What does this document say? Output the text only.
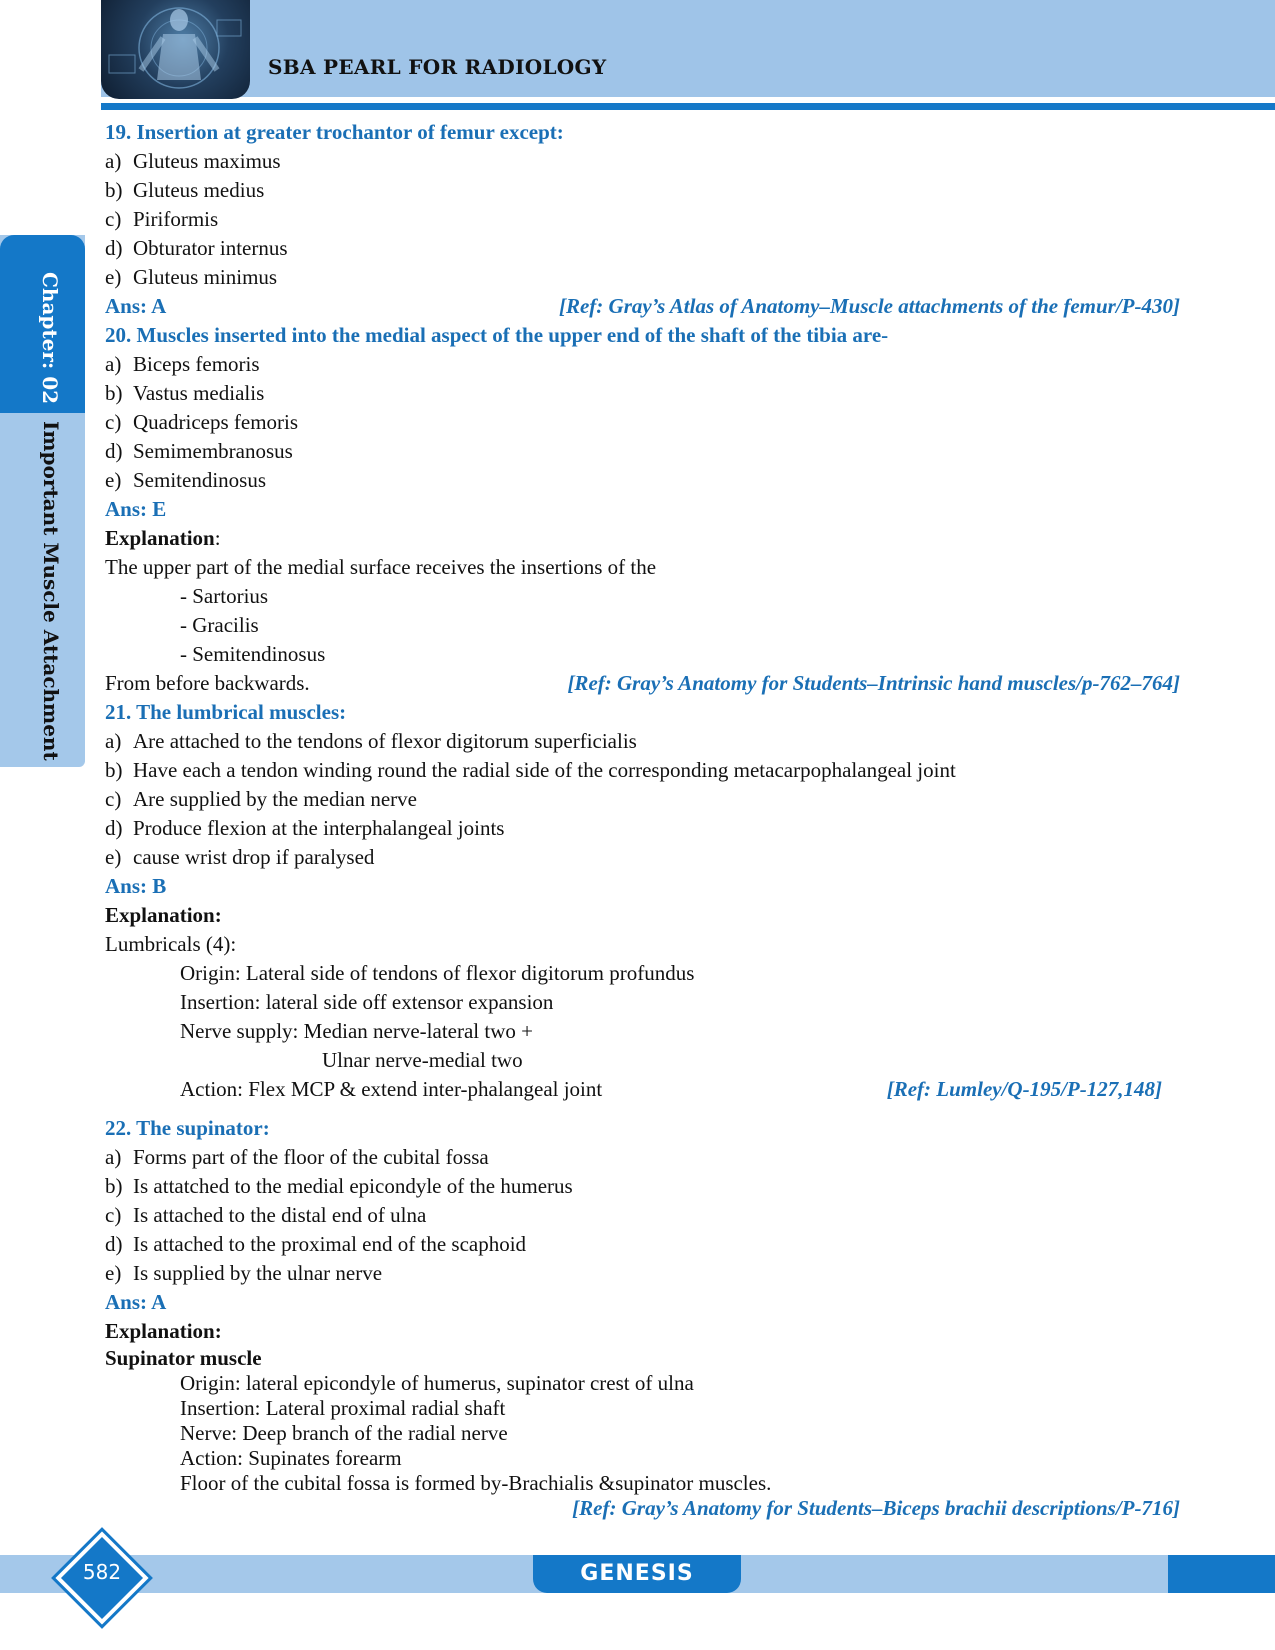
SBA PEARL FOR RADIOLOGY
Chapter: 02
Important Muscle Attachment
19. Insertion at greater trochantor of femur except:
a) Gluteus maximus
b) Gluteus medius
c) Piriformis
d) Obturator internus
e) Gluteus minimus
Ans: A	[Ref: Gray’s Atlas of Anatomy–Muscle attachments of the femur/P-430]
20. Muscles inserted into the medial aspect of the upper end of the shaft of the tibia are-
a) Biceps femoris
b) Vastus medialis
c) Quadriceps femoris
d) Semimembranosus
e) Semitendinosus
Ans: E
Explanation:
The upper part of the medial surface receives the insertions of the
- Sartorius
- Gracilis
- Semitendinosus
From before backwards.	[Ref: Gray’s Anatomy for Students–Intrinsic hand muscles/p-762–764]
21. The lumbrical muscles:
a) Are attached to the tendons of flexor digitorum superficialis
b) Have each a tendon winding round the radial side of the corresponding metacarpophalangeal joint
c) Are supplied by the median nerve
d) Produce flexion at the interphalangeal joints
e) cause wrist drop if paralysed
Ans: B
Explanation:
Lumbricals (4):
Origin: Lateral side of tendons of flexor digitorum profundus
Insertion: lateral side off extensor expansion
Nerve supply: Median nerve-lateral two +
Ulnar nerve-medial two
Action: Flex MCP & extend inter-phalangeal joint	[Ref: Lumley/Q-195/P-127,148]
22. The supinator:
a) Forms part of the floor of the cubital fossa
b) Is attatched to the medial epicondyle of the humerus
c) Is attached to the distal end of ulna
d) Is attached to the proximal end of the scaphoid
e) Is supplied by the ulnar nerve
Ans: A
Explanation:
Supinator muscle
Origin: lateral epicondyle of humerus, supinator crest of ulna
Insertion: Lateral proximal radial shaft
Nerve: Deep branch of the radial nerve
Action: Supinates forearm
Floor of the cubital fossa is formed by-Brachialis &supinator muscles.
[Ref: Gray’s Anatomy for Students–Biceps brachii descriptions/P-716]
GENESIS
582
